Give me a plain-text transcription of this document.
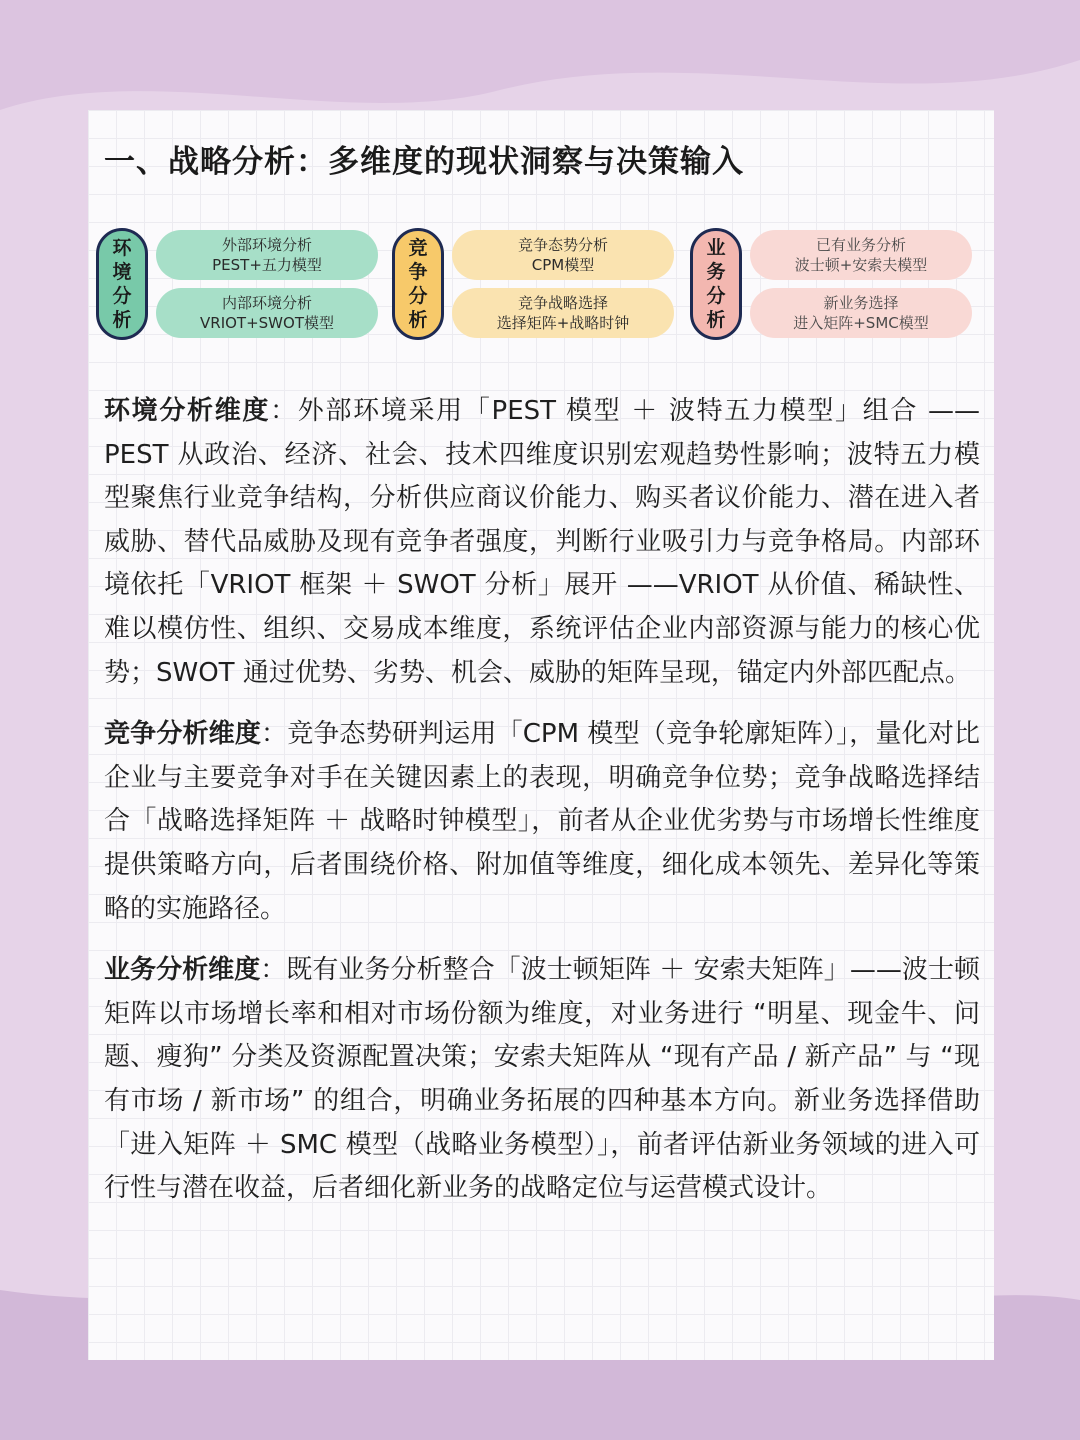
一、战略分析：多维度的现状洞察与决策输入
环
境
分
析
外部环境分析
PEST+五力模型
内部环境分析
VRIOT+SWOT模型
竞
争
分
析
竞争态势分析
CPM模型
竞争战略选择
选择矩阵+战略时钟
业
务
分
析
已有业务分析
波士顿+安索夫模型
新业务选择
进入矩阵+SMC模型

环境分析维度：外部环境采用「PEST 模型 ＋ 波特五力模型」组合 ——PEST 从政治、经济、社会、技术四维度识别宏观趋势性影响；波特五力模型聚焦行业竞争结构，分析供应商议价能力、购买者议价能力、潜在进入者威胁、替代品威胁及现有竞争者强度，判断行业吸引力与竞争格局。内部环境依托「VRIOT 框架 ＋ SWOT 分析」展开 ——VRIOT 从价值、稀缺性、难以模仿性、组织、交易成本维度，系统评估企业内部资源与能力的核心优势；SWOT 通过优势、劣势、机会、威胁的矩阵呈现，锚定内外部匹配点。

竞争分析维度：竞争态势研判运用「CPM 模型（竞争轮廓矩阵）」，量化对比企业与主要竞争对手在关键因素上的表现，明确竞争位势；竞争战略选择结合「战略选择矩阵 ＋ 战略时钟模型」，前者从企业优劣势与市场增长性维度提供策略方向，后者围绕价格、附加值等维度，细化成本领先、差异化等策略的实施路径。

业务分析维度：既有业务分析整合「波士顿矩阵 ＋ 安索夫矩阵」——波士顿矩阵以市场增长率和相对市场份额为维度，对业务进行 “明星、现金牛、问题、瘦狗” 分类及资源配置决策；安索夫矩阵从 “现有产品 / 新产品” 与 “现有市场 / 新市场” 的组合，明确业务拓展的四种基本方向。新业务选择借助「进入矩阵 ＋ SMC 模型（战略业务模型）」，前者评估新业务领域的进入可行性与潜在收益，后者细化新业务的战略定位与运营模式设计。
